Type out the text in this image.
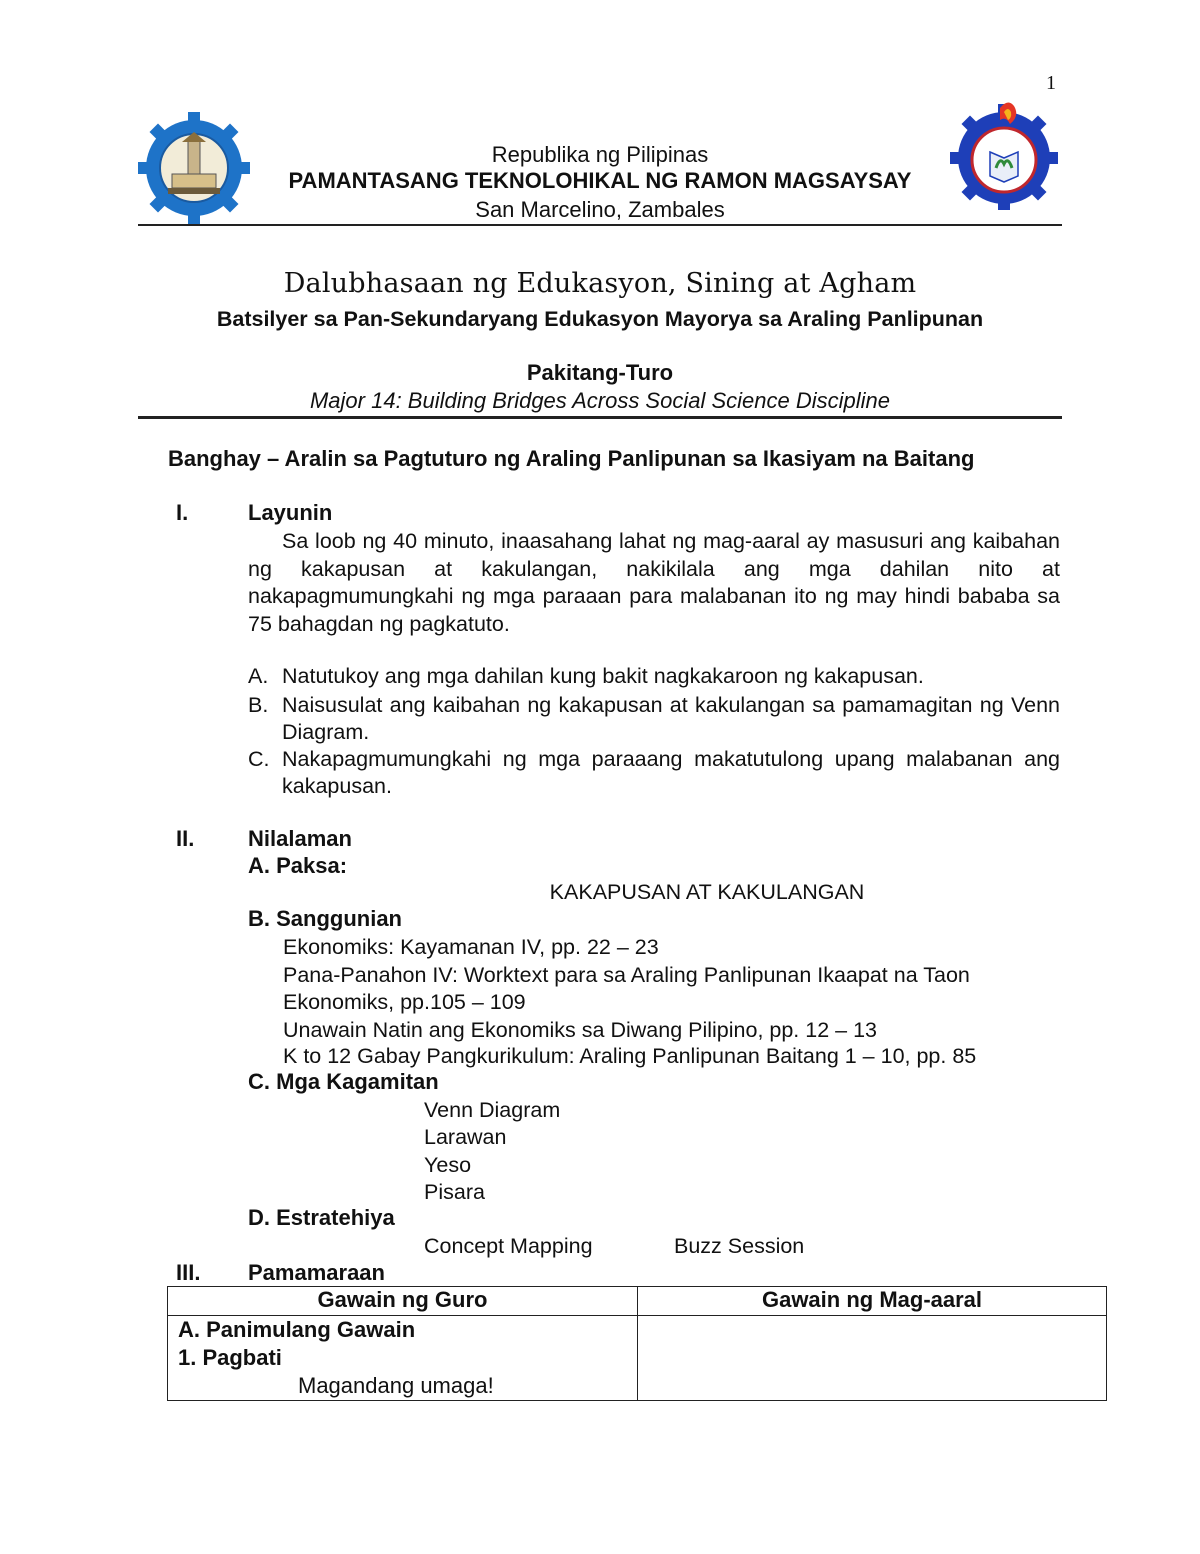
1
Republika ng Pilipinas
PAMANTASANG TEKNOLOHIKAL NG RAMON MAGSAYSAY
San Marcelino, Zambales
Dalubhasaan ng Edukasyon, Sining at Agham
Batsilyer sa Pan-Sekundaryang Edukasyon Mayorya sa Araling Panlipunan
Pakitang-Turo
Major 14: Building Bridges Across Social Science Discipline
Banghay – Aralin sa Pagtuturo ng Araling Panlipunan sa Ikasiyam na Baitang
I.	Layunin
Sa loob ng 40 minuto, inaasahang lahat ng mag-aaral ay masusuri ang kaibahan ng kakapusan at kakulangan, nakikilala ang mga dahilan nito at nakapagmumungkahi ng mga paraaan para malabanan ito ng may hindi bababa sa 75 bahagdan ng pagkatuto.
A. Natutukoy ang mga dahilan kung bakit nagkakaroon ng kakapusan.
B. Naisusulat ang kaibahan ng kakapusan at kakulangan sa pamamagitan ng Venn Diagram.
C. Nakapagmumungkahi ng mga paraaang makatutulong upang malabanan ang kakapusan.
II. Nilalaman
A. Paksa:
KAKAPUSAN AT KAKULANGAN
B. Sanggunian
Ekonomiks: Kayamanan IV, pp. 22 – 23
Pana-Panahon IV: Worktext para sa Araling Panlipunan Ikaapat na Taon
Ekonomiks, pp.105 – 109
Unawain Natin ang Ekonomiks sa Diwang Pilipino, pp. 12 – 13
K to 12 Gabay Pangkurikulum: Araling Panlipunan Baitang 1 – 10, pp. 85
C. Mga Kagamitan
Venn Diagram
Larawan
Yeso
Pisara
D. Estratehiya
Concept Mapping	Buzz Session
III. Pamamaraan
Gawain ng Guro	Gawain ng Mag-aaral

A. Panimulang Gawain
1. Pagbati
Magandang umaga!	
